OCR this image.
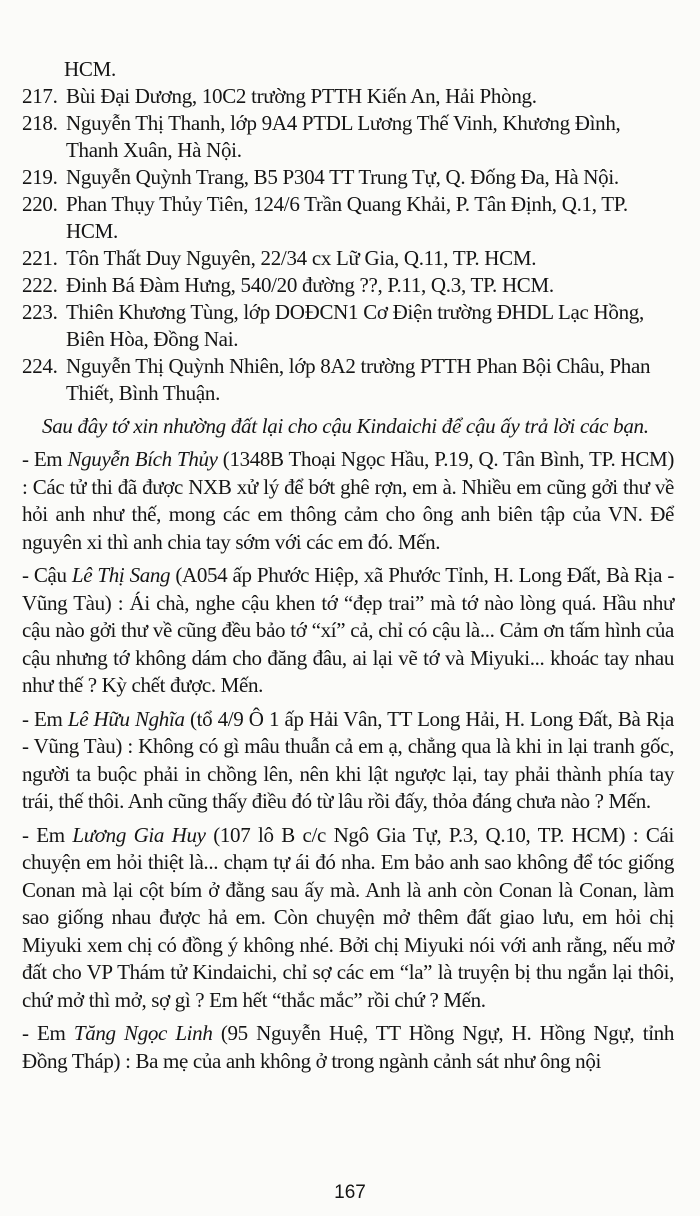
HCM.
217. Bùi Đại Dương, 10C2 trường PTTH Kiến An, Hải Phòng.
218. Nguyễn Thị Thanh, lớp 9A4 PTDL Lương Thế Vinh, Khương Đình, Thanh Xuân, Hà Nội.
219. Nguyễn Quỳnh Trang, B5 P304 TT Trung Tự, Q. Đống Đa, Hà Nội.
220. Phan Thụy Thủy Tiên, 124/6 Trần Quang Khải, P. Tân Định, Q.1, TP. HCM.
221. Tôn Thất Duy Nguyên, 22/34 cx Lữ Gia, Q.11, TP. HCM.
222. Đinh Bá Đàm Hưng, 540/20 đường ??, P.11, Q.3, TP. HCM.
223. Thiên Khương Tùng, lớp DOĐCN1 Cơ Điện trường ĐHDL Lạc Hồng, Biên Hòa, Đồng Nai.
224. Nguyễn Thị Quỳnh Nhiên, lớp 8A2 trường PTTH Phan Bội Châu, Phan Thiết, Bình Thuận.

Sau đây tớ xin nhường đất lại cho cậu Kindaichi để cậu ấy trả lời các bạn.

- Em Nguyễn Bích Thủy (1348B Thoại Ngọc Hầu, P.19, Q. Tân Bình, TP. HCM) : Các tử thi đã được NXB xử lý để bớt ghê rợn, em à. Nhiều em cũng gởi thư về hỏi anh như thế, mong các em thông cảm cho ông anh biên tập của VN. Để nguyên xi thì anh chia tay sớm với các em đó. Mến.

- Cậu Lê Thị Sang (A054 ấp Phước Hiệp, xã Phước Tỉnh, H. Long Đất, Bà Rịa - Vũng Tàu) : Ái chà, nghe cậu khen tớ “đẹp trai” mà tớ nào lòng quá. Hầu như cậu nào gởi thư về cũng đều bảo tớ “xí” cả, chỉ có cậu là... Cảm ơn tấm hình của cậu nhưng tớ không dám cho đăng đâu, ai lại vẽ tớ và Miyuki... khoác tay nhau như thế ? Kỳ chết được. Mến.

- Em Lê Hữu Nghĩa (tổ 4/9 Ô 1 ấp Hải Vân, TT Long Hải, H. Long Đất, Bà Rịa - Vũng Tàu) : Không có gì mâu thuẫn cả em ạ, chẳng qua là khi in lại tranh gốc, người ta buộc phải in chồng lên, nên khi lật ngược lại, tay phải thành phía tay trái, thế thôi. Anh cũng thấy điều đó từ lâu rồi đấy, thỏa đáng chưa nào ? Mến.

- Em Lương Gia Huy (107 lô B c/c Ngô Gia Tự, P.3, Q.10, TP. HCM) : Cái chuyện em hỏi thiệt là... chạm tự ái đó nha. Em bảo anh sao không để tóc giống Conan mà lại cột bím ở đằng sau ấy mà. Anh là anh còn Conan là Conan, làm sao giống nhau được hả em. Còn chuyện mở thêm đất giao lưu, em hỏi chị Miyuki xem chị có đồng ý không nhé. Bởi chị Miyuki nói với anh rằng, nếu mở đất cho VP Thám tử Kindaichi, chỉ sợ các em “la” là truyện bị thu ngắn lại thôi, chứ mở thì mở, sợ gì ? Em hết “thắc mắc” rồi chứ ? Mến.

- Em Tăng Ngọc Linh (95 Nguyễn Huệ, TT Hồng Ngự, H. Hồng Ngự, tỉnh Đồng Tháp) : Ba mẹ của anh không ở trong ngành cảnh sát như ông nội

167
